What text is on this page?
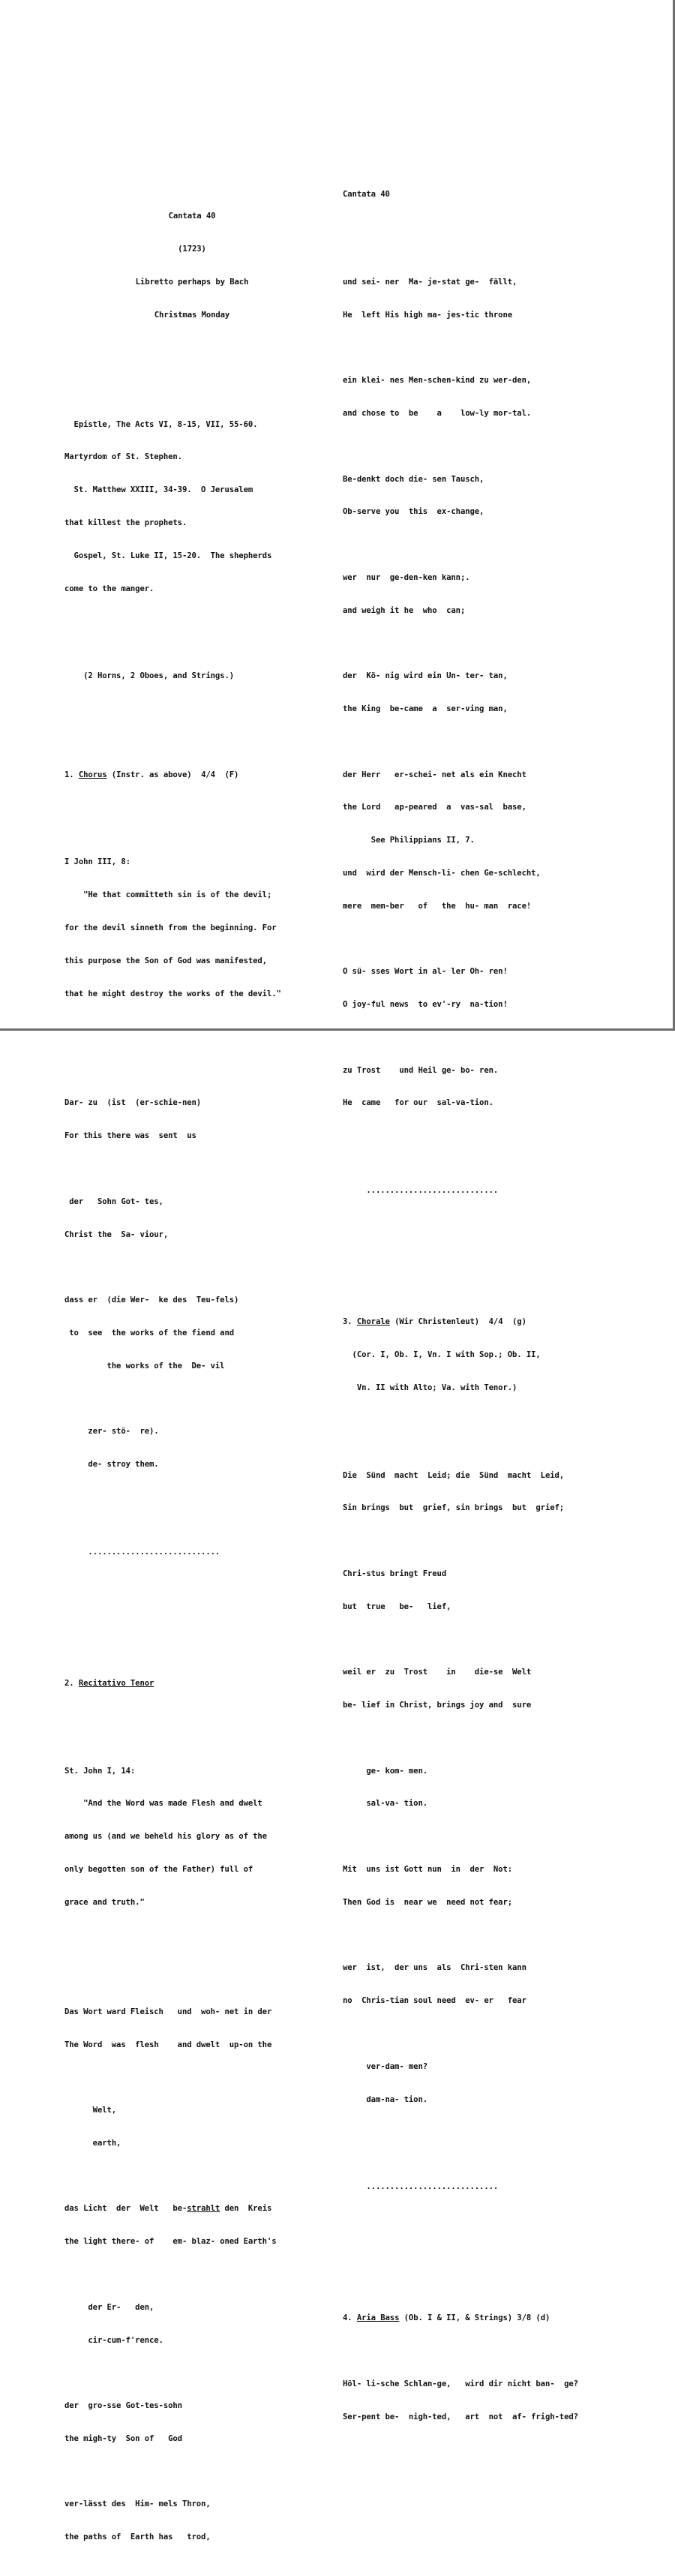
Cantata 40

(1723)

Libretto perhaps by Bach

Christmas Monday

Epistle, The Acts VI, 8-15, VII, 55-60.

Martyrdom of St. Stephen.

St. Matthew XXIII, 34-39.  O Jerusalem

that killest the prophets.

Gospel, St. Luke II, 15-20.  The shepherds

come to the manger.

(2 Horns, 2 Oboes, and Strings.)

1. Chorus (Instr. as above)  4/4  (F)

I John III, 8:

"He that committeth sin is of the devil;

for the devil sinneth from the beginning. For

this purpose the Son of God was manifested,

that he might destroy the works of the devil."

Dar- zu  (ist  (er-schie-nen)

For this there was  sent  us

der   Sohn Got- tes,

Christ the  Sa- viour,

dass er  (die Wer-  ke des  Teu-fels)

to  see  the works of the fiend and

the works of the  De- vil

zer- stö-  re).

de- stroy them.

............................

2. Recitativo Tenor

St. John I, 14:

"And the Word was made Flesh and dwelt

among us (and we beheld his glory as of the

only begotten son of the Father) full of

grace and truth."

Das Wort ward Fleisch   und  woh- net in der

The Word  was  flesh    and dwelt  up-on the

Welt,

earth,

das Licht  der  Welt   be-strahlt den  Kreis

the light there- of    em- blaz- oned Earth's

der Er-   den,

cir-cum-f'rence.

der  gro-sse Got-tes-sohn

the migh-ty  Son of   God

ver-lässt des  Him- mels Thron,

the paths of  Earth has   trod,

Cantata 40

und sei- ner  Ma- je-stat ge-  fällt,

He  left His high ma- jes-tic throne

ein klei- nes Men-schen-kind zu wer-den,

and chose to  be    a    low-ly mor-tal.

Be-denkt doch die- sen Tausch,

Ob-serve you  this  ex-change,

wer  nur  ge-den-ken kann;.

and weigh it he  who  can;

der  Kö- nig wird ein Un- ter- tan,

the King  be-came  a  ser-ving man,

der Herr   er-schei- net als ein Knecht

the Lord   ap-peared  a  vas-sal  base,

See Philippians II, 7.

und  wird der Mensch-li- chen Ge-schlecht,

mere  mem-ber   of   the  hu- man  race!

O sü- sses Wort in al- ler Oh- ren!

O joy-ful news  to ev'-ry  na-tion!

zu Trost    und Heil ge- bo- ren.

He  came   for our  sal-va-tion.

............................

3. Chorale (Wir Christenleut)  4/4  (g)

(Cor. I, Ob. I, Vn. I with Sop.; Ob. II,

Vn. II with Alto; Va. with Tenor.)

Die  Sünd  macht  Leid; die  Sünd  macht  Leid,

Sin brings  but  grief, sin brings  but  grief;

Chri-stus bringt Freud

but  true   be-   lief,

weil er  zu  Trost    in    die-se  Welt

be- lief in Christ, brings joy and  sure

ge- kom- men.

sal-va- tion.

Mit  uns ist Gott nun  in  der  Not:

Then God is  near we  need not fear;

wer  ist,  der uns  als  Chri-sten kann

no  Chris-tian soul need  ev- er   fear

ver-dam- men?

dam-na- tion.

............................

4. Aria Bass (Ob. I & II, & Strings) 3/8 (d)

Höl- li-sche Schlan-ge,   wird dir nicht ban-  ge?

Ser-pent be-  nigh-ted,   art  not  af- frigh-ted?
